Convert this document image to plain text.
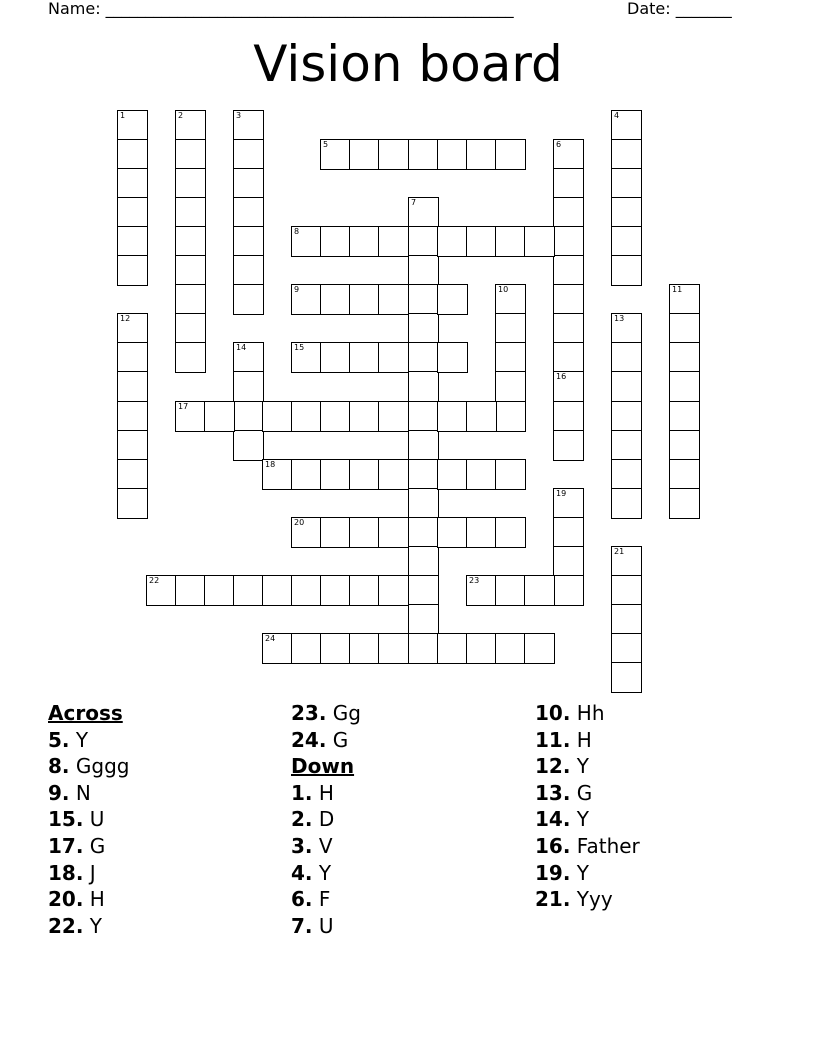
Name: ___________________________________________________	Date: _______
Vision board
1	2	3	4
5	6
7
8
9	10	11
12	13
14	15
16
17
18
19
20
21
22	23
24
Across
5. Y
8. Gggg
9. N
15. U
17. G
18. J
20. H
22. Y
23. Gg
24. G
Down
1. H
2. D
3. V
4. Y
6. F
7. U
10. Hh
11. H
12. Y
13. G
14. Y
16. Father
19. Y
21. Yyy
